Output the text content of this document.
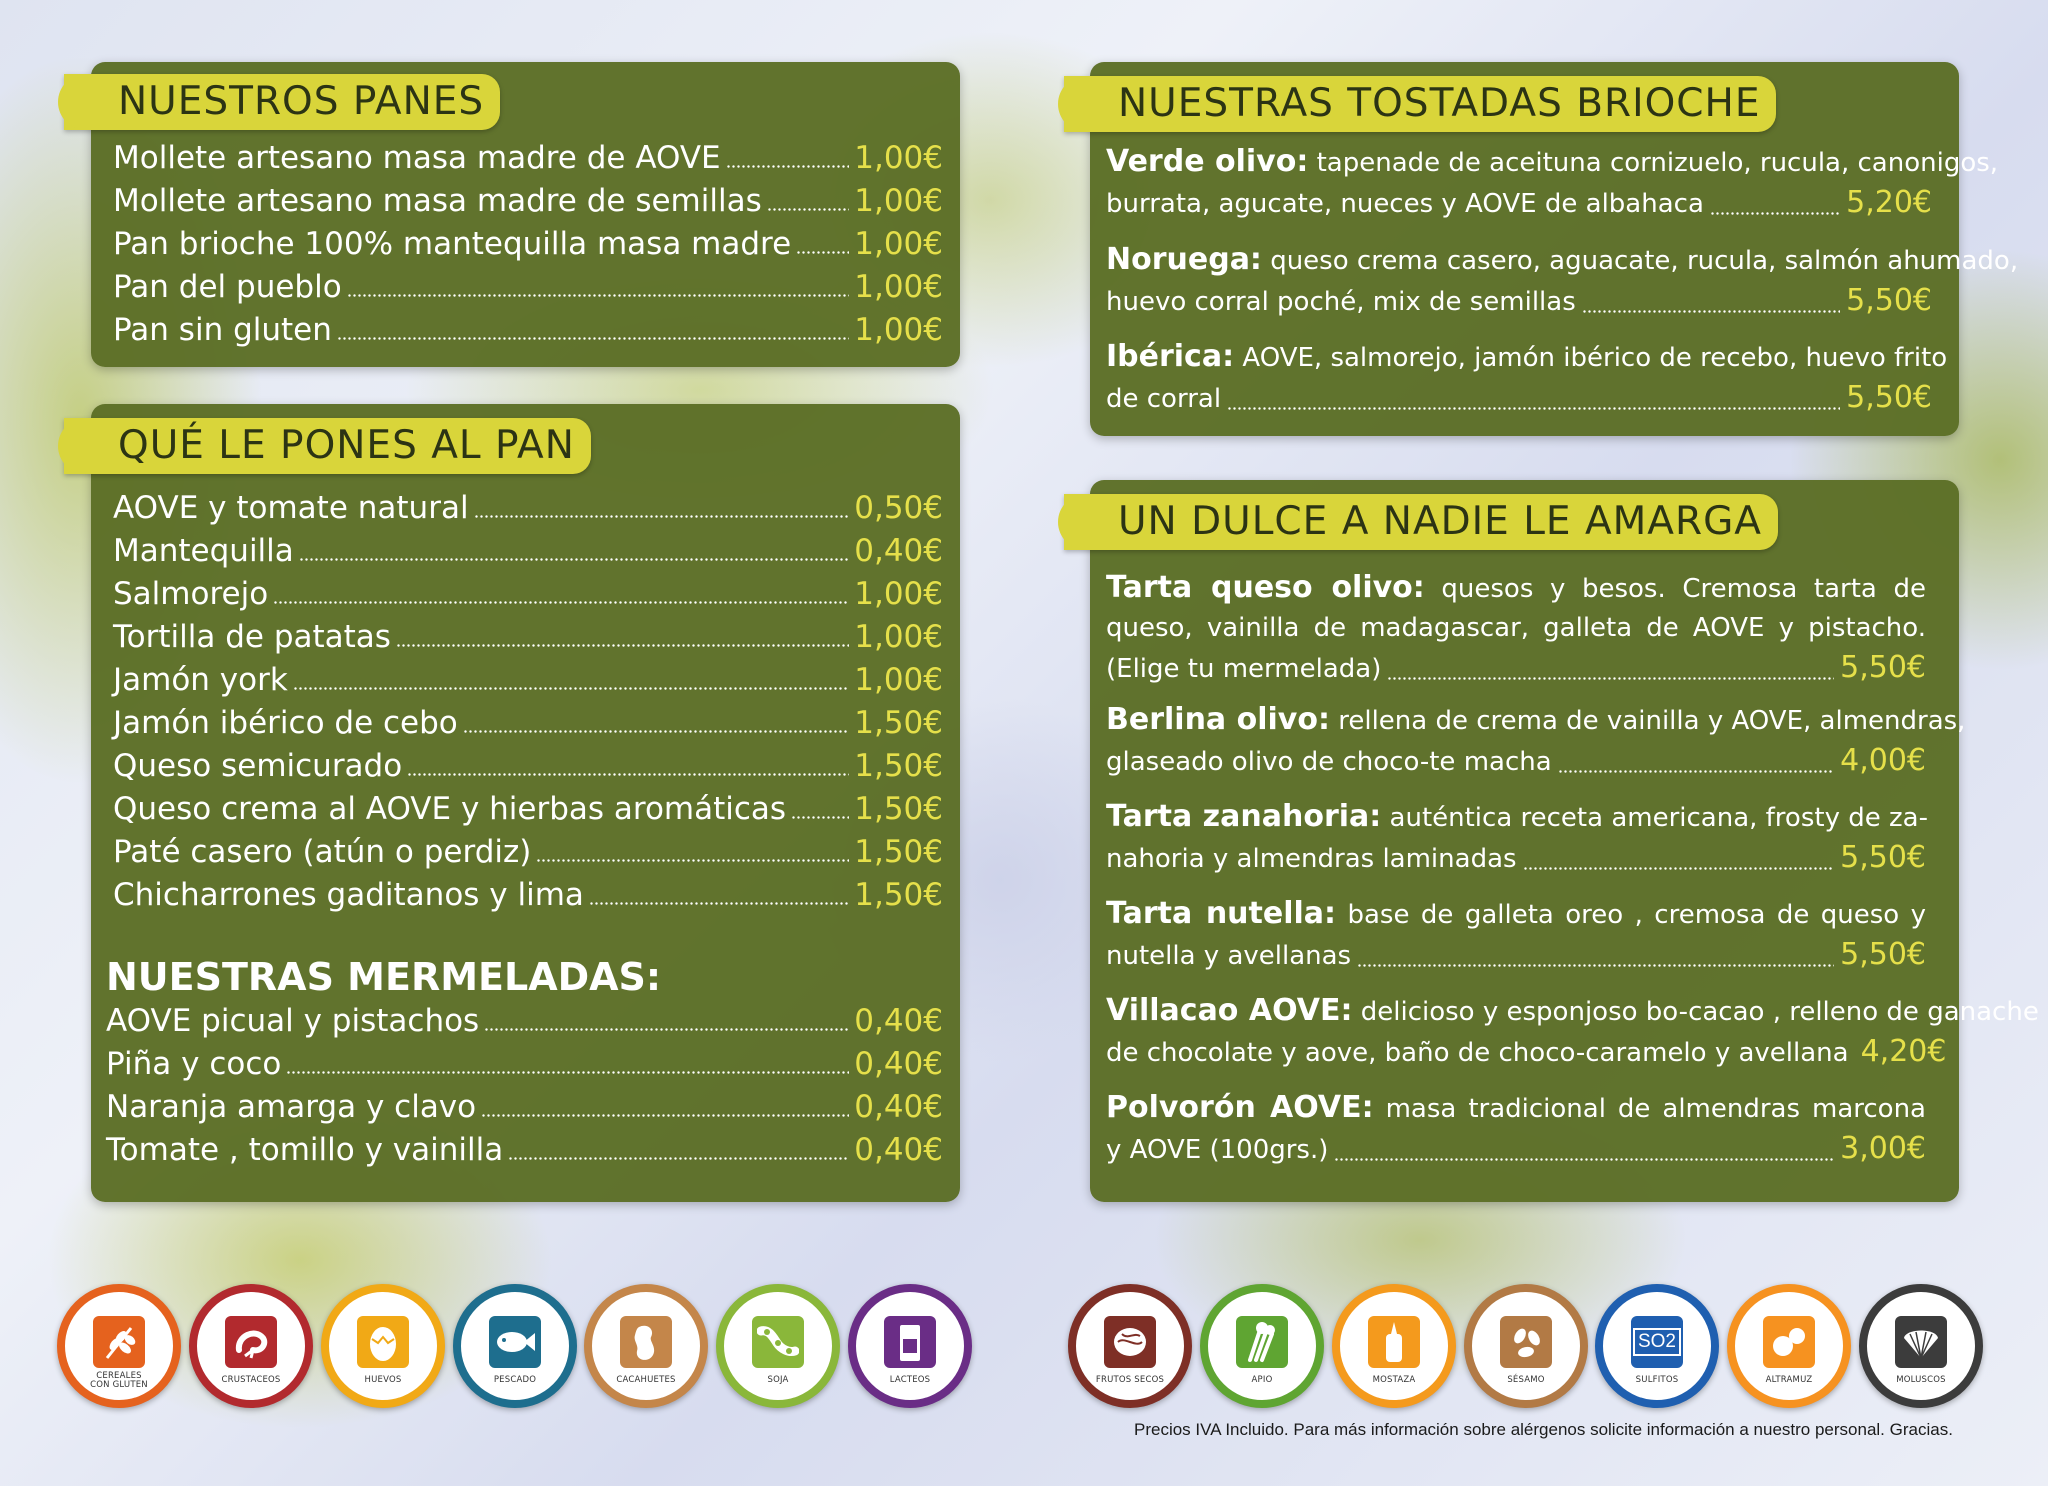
NUESTROS PANES
Mollete artesano masa madre de AOVE	1,00€
Mollete artesano masa madre de semillas	1,00€
Pan brioche 100% mantequilla masa madre 1,00€
Pan del pueblo	1,00€
Pan sin gluten	1,00€
QUÉ LE PONES AL PAN
AOVE y tomate natural	0,50€
Mantequilla	0,40€
Salmorejo	1,00€
Tortilla de patatas	1,00€
Jamón york	1,00€
Jamón ibérico de cebo	1,50€
Queso semicurado	1,50€
Queso crema al AOVE y hierbas aromáticas 1,50€
Paté casero (atún o perdiz)	1,50€
Chicharrones gaditanos y lima	1,50€
NUESTRAS MERMELADAS:
AOVE picual y pistachos	0,40€
Piña y coco	0,40€
Naranja amarga y clavo	0,40€
Tomate , tomillo y vainilla	0,40€
NUESTRAS TOSTADAS BRIOCHE
Verde olivo: tapenade de aceituna cornizuelo, rucula, canonigos,
burrata, agucate, nueces y AOVE de albahaca	5,20€
Noruega: queso crema casero, aguacate, rucula, salmón ahumado,
huevo corral poché, mix de semillas	5,50€
Ibérica: AOVE, salmorejo, jamón ibérico de recebo, huevo frito
de corral	5,50€
UN DULCE A NADIE LE AMARGA
Tarta queso olivo: quesos y besos. Cremosa tarta de
queso, vainilla de madagascar, galleta de AOVE y pistacho.
(Elige tu mermelada)	5,50€
Berlina olivo: rellena de crema de vainilla y AOVE, almendras,
glaseado olivo de choco-te macha	4,00€
Tarta zanahoria: auténtica receta americana, frosty de za-
nahoria y almendras laminadas	5,50€
Tarta nutella: base de galleta oreo , cremosa de queso y
nutella y avellanas	5,50€
Villacao AOVE: delicioso y esponjoso bo-cacao , relleno de ganache
de chocolate y aove, baño de choco-caramelo y avellana 4,20€
Polvorón AOVE: masa tradicional de almendras marcona
y AOVE (100grs.)	3,00€
CEREALES CON GLUTEN	CRUSTACEOS	HUEVOS	PESCADO	CACAHUETES	SOJA	LACTEOS	FRUTOS SECOS	APIO	MOSTAZA	SÉSAMO
SO2
SULFITOS	ALTRAMUZ	MOLUSCOS
Precios IVA Incluido. Para más información sobre alérgenos solicite información a nuestro personal. Gracias.
